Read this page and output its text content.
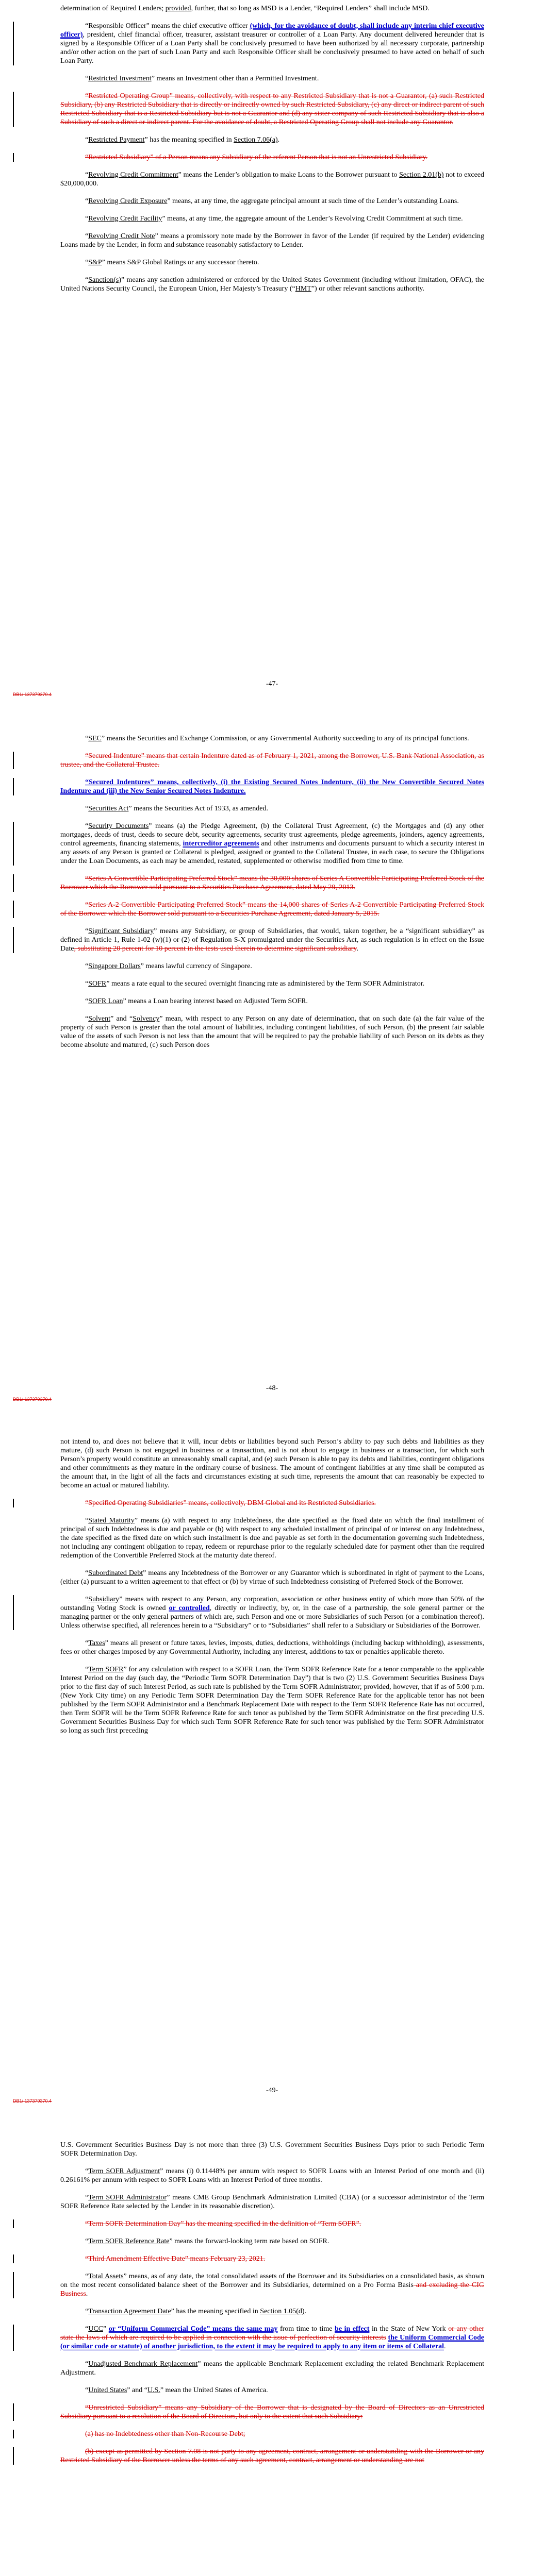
determination of Required Lenders; provided, further, that so long as MSD is a Lender, “Required Lenders” shall include MSD.

“Responsible Officer” means the chief executive officer (which, for the avoidance of doubt, shall include any interim chief executive officer), president, chief financial officer, treasurer, assistant treasurer or controller of a Loan Party. Any document delivered hereunder that is signed by a Responsible Officer of a Loan Party shall be conclusively presumed to have been authorized by all necessary corporate, partnership and/or other action on the part of such Loan Party and such Responsible Officer shall be conclusively presumed to have acted on behalf of such Loan Party.

“Restricted Investment” means an Investment other than a Permitted Investment.

“Restricted Operating Group” means, collectively, with respect to any Restricted Subsidiary that is not a Guarantor, (a) such Restricted Subsidiary, (b) any Restricted Subsidiary that is directly or indirectly owned by such Restricted Subsidiary, (c) any direct or indirect parent of such Restricted Subsidiary that is a Restricted Subsidiary but is not a Guarantor and (d) any sister company of such Restricted Subsidiary that is also a Subsidiary of such a direct or indirect parent. For the avoidance of doubt, a Restricted Operating Group shall not include any Guarantor.

“Restricted Payment” has the meaning specified in Section 7.06(a).

“Restricted Subsidiary” of a Person means any Subsidiary of the referent Person that is not an Unrestricted Subsidiary.

“Revolving Credit Commitment” means the Lender’s obligation to make Loans to the Borrower pursuant to Section 2.01(b) not to exceed $20,000,000.

“Revolving Credit Exposure” means, at any time, the aggregate principal amount at such time of the Lender’s outstanding Loans.

“Revolving Credit Facility” means, at any time, the aggregate amount of the Lender’s Revolving Credit Commitment at such time.

“Revolving Credit Note” means a promissory note made by the Borrower in favor of the Lender (if required by the Lender) evidencing Loans made by the Lender, in form and substance reasonably satisfactory to Lender.

“S&P” means S&P Global Ratings or any successor thereto.

“Sanction(s)” means any sanction administered or enforced by the United States Government (including without limitation, OFAC), the United Nations Security Council, the European Union, Her Majesty’s Treasury (“HMT”) or other relevant sanctions authority.

-47-
DB1/ 137379370.4

“SEC” means the Securities and Exchange Commission, or any Governmental Authority succeeding to any of its principal functions.

“Secured Indenture” means that certain Indenture dated as of February 1, 2021, among the Borrower, U.S. Bank National Association, as trustee, and the Collateral Trustee.

“Secured Indentures” means, collectively, (i) the Existing Secured Notes Indenture, (ii) the New Convertible Secured Notes Indenture and (iii) the New Senior Secured Notes Indenture.

“Securities Act” means the Securities Act of 1933, as amended.

“Security Documents” means (a) the Pledge Agreement, (b) the Collateral Trust Agreement, (c) the Mortgages and (d) any other mortgages, deeds of trust, deeds to secure debt, security agreements, security trust agreements, pledge agreements, joinders, agency agreements, control agreements, financing statements, intercreditor agreements and other instruments and documents pursuant to which a security interest in any assets of any Person is granted or Collateral is pledged, assigned or granted to the Collateral Trustee, in each case, to secure the Obligations under the Loan Documents, as each may be amended, restated, supplemented or otherwise modified from time to time.

“Series A Convertible Participating Preferred Stock” means the 30,000 shares of Series A Convertible Participating Preferred Stock of the Borrower which the Borrower sold pursuant to a Securities Purchase Agreement, dated May 29, 2013.

“Series A-2 Convertible Participating Preferred Stock” means the 14,000 shares of Series A-2 Convertible Participating Preferred Stock of the Borrower which the Borrower sold pursuant to a Securities Purchase Agreement, dated January 5, 2015.

“Significant Subsidiary” means any Subsidiary, or group of Subsidiaries, that would, taken together, be a “significant subsidiary” as defined in Article 1, Rule 1-02 (w)(1) or (2) of Regulation S-X promulgated under the Securities Act, as such regulation is in effect on the Issue Date, substituting 20 percent for 10 percent in the tests used therein to determine significant subsidiary.

“Singapore Dollars” means lawful currency of Singapore.

“SOFR” means a rate equal to the secured overnight financing rate as administered by the Term SOFR Administrator.

“SOFR Loan” means a Loan bearing interest based on Adjusted Term SOFR.

“Solvent” and “Solvency” mean, with respect to any Person on any date of determination, that on such date (a) the fair value of the property of such Person is greater than the total amount of liabilities, including contingent liabilities, of such Person, (b) the present fair salable value of the assets of such Person is not less than the amount that will be required to pay the probable liability of such Person on its debts as they become absolute and matured, (c) such Person does

-48-
DB1/ 137379370.4

not intend to, and does not believe that it will, incur debts or liabilities beyond such Person’s ability to pay such debts and liabilities as they mature, (d) such Person is not engaged in business or a transaction, and is not about to engage in business or a transaction, for which such Person’s property would constitute an unreasonably small capital, and (e) such Person is able to pay its debts and liabilities, contingent obligations and other commitments as they mature in the ordinary course of business. The amount of contingent liabilities at any time shall be computed as the amount that, in the light of all the facts and circumstances existing at such time, represents the amount that can reasonably be expected to become an actual or matured liability.

“Specified Operating Subsidiaries” means, collectively, DBM Global and its Restricted Subsidiaries.

“Stated Maturity” means (a) with respect to any Indebtedness, the date specified as the fixed date on which the final installment of principal of such Indebtedness is due and payable or (b) with respect to any scheduled installment of principal of or interest on any Indebtedness, the date specified as the fixed date on which such installment is due and payable as set forth in the documentation governing such Indebtedness, not including any contingent obligation to repay, redeem or repurchase prior to the regularly scheduled date for payment other than the required redemption of the Convertible Preferred Stock at the maturity date thereof.

“Subordinated Debt” means any Indebtedness of the Borrower or any Guarantor which is subordinated in right of payment to the Loans, (either (a) pursuant to a written agreement to that effect or (b) by virtue of such Indebtedness consisting of Preferred Stock of the Borrower.

“Subsidiary” means with respect to any Person, any corporation, association or other business entity of which more than 50% of the outstanding Voting Stock is owned or controlled, directly or indirectly, by, or, in the case of a partnership, the sole general partner or the managing partner or the only general partners of which are, such Person and one or more Subsidiaries of such Person (or a combination thereof). Unless otherwise specified, all references herein to a “Subsidiary” or to “Subsidiaries” shall refer to a Subsidiary or Subsidiaries of the Borrower.

“Taxes” means all present or future taxes, levies, imposts, duties, deductions, withholdings (including backup withholding), assessments, fees or other charges imposed by any Governmental Authority, including any interest, additions to tax or penalties applicable thereto.

“Term SOFR” for any calculation with respect to a SOFR Loan, the Term SOFR Reference Rate for a tenor comparable to the applicable Interest Period on the day (such day, the “Periodic Term SOFR Determination Day”) that is two (2) U.S. Government Securities Business Days prior to the first day of such Interest Period, as such rate is published by the Term SOFR Administrator; provided, however, that if as of 5:00 p.m. (New York City time) on any Periodic Term SOFR Determination Day the Term SOFR Reference Rate for the applicable tenor has not been published by the Term SOFR Administrator and a Benchmark Replacement Date with respect to the Term SOFR Reference Rate has not occurred, then Term SOFR will be the Term SOFR Reference Rate for such tenor as published by the Term SOFR Administrator on the first preceding U.S. Government Securities Business Day for which such Term SOFR Reference Rate for such tenor was published by the Term SOFR Administrator so long as such first preceding

-49-
DB1/ 137379370.4

U.S. Government Securities Business Day is not more than three (3) U.S. Government Securities Business Days prior to such Periodic Term SOFR Determination Day.

“Term SOFR Adjustment” means (i) 0.11448% per annum with respect to SOFR Loans with an Interest Period of one month and (ii) 0.26161% per annum with respect to SOFR Loans with an Interest Period of three months.

“Term SOFR Administrator” means CME Group Benchmark Administration Limited (CBA) (or a successor administrator of the Term SOFR Reference Rate selected by the Lender in its reasonable discretion).

“Term SOFR Determination Day” has the meaning specified in the definition of “Term SOFR”.

“Term SOFR Reference Rate” means the forward-looking term rate based on SOFR.

“Third Amendment Effective Date” means February 23, 2021.

“Total Assets” means, as of any date, the total consolidated assets of the Borrower and its Subsidiaries on a consolidated basis, as shown on the most recent consolidated balance sheet of the Borrower and its Subsidiaries, determined on a Pro Forma Basis and excluding the CIG Business.

“Transaction Agreement Date” has the meaning specified in Section 1.05(d).

“UCC” or “Uniform Commercial Code” means the same may from time to time be in effect in the State of New York or any other state the laws of which are required to be applied in connection with the issue of perfection of security interests the Uniform Commercial Code (or similar code or statute) of another jurisdiction, to the extent it may be required to apply to any item or items of Collateral.

“Unadjusted Benchmark Replacement” means the applicable Benchmark Replacement excluding the related Benchmark Replacement Adjustment.

“United States” and “U.S.” mean the United States of America.

“Unrestricted Subsidiary” means any Subsidiary of the Borrower that is designated by the Board of Directors as an Unrestricted Subsidiary pursuant to a resolution of the Board of Directors, but only to the extent that such Subsidiary:

(a) has no Indebtedness other than Non-Recourse Debt;

(b) except as permitted by Section 7.08 is not party to any agreement, contract, arrangement or understanding with the Borrower or any Restricted Subsidiary of the Borrower unless the terms of any such agreement, contract, arrangement or understanding are not
